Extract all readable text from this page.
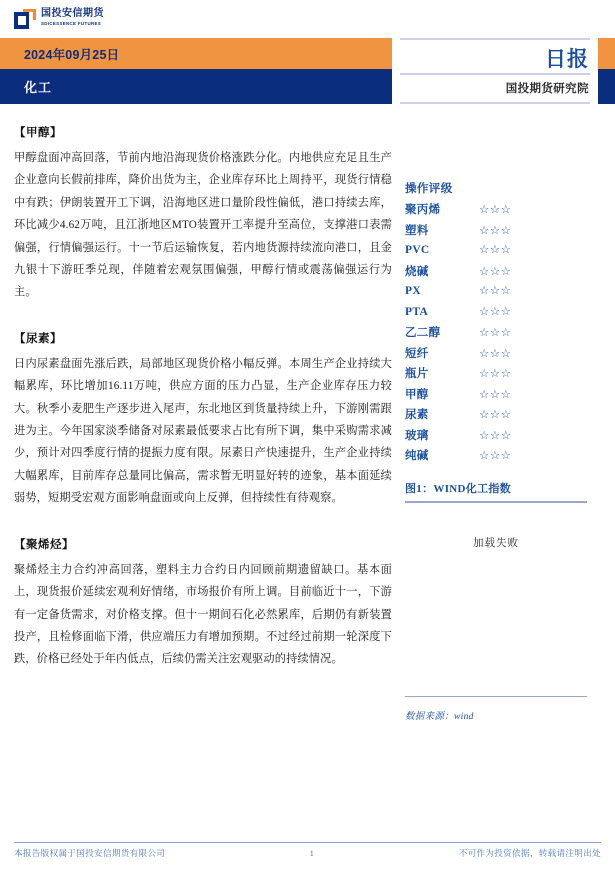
国投安信期货
SDICESSENCE FUTURES
2024年09月25日
化工
日报
国投期货研究院
【甲醇】

甲醇盘面冲高回落，节前内地沿海现货价格涨跌分化。内地供应充足且生产企业意向长假前排库，降价出货为主，企业库存环比上周持平，现货行情稳中有跌；伊朗装置开工下调，沿海地区进口量阶段性偏低，港口持续去库，环比减少4.62万吨，且江浙地区MTO装置开工率提升至高位，支撑港口表需偏强，行情偏强运行。十一节后运输恢复，若内地货源持续流向港口，且金九银十下游旺季兑现，伴随着宏观氛围偏强，甲醇行情或震荡偏强运行为主。

【尿素】

日内尿素盘面先涨后跌，局部地区现货价格小幅反弹。本周生产企业持续大幅累库，环比增加16.11万吨，供应方面的压力凸显，生产企业库存压力较大。秋季小麦肥生产逐步进入尾声，东北地区到货量持续上升，下游刚需跟进为主。今年国家淡季储备对尿素最低要求占比有所下调，集中采购需求减少，预计对四季度行情的提振力度有限。尿素日产快速提升，生产企业持续大幅累库，目前库存总量同比偏高，需求暂无明显好转的迹象，基本面延续弱势，短期受宏观方面影响盘面或向上反弹，但持续性有待观察。

【聚烯烃】

聚烯烃主力合约冲高回落，塑料主力合约日内回顾前期遗留缺口。基本面上，现货报价延续宏观利好情绪，市场报价有所上调。目前临近十一，下游有一定备货需求，对价格支撑。但十一期间石化必然累库，后期仍有新装置投产，且检修面临下滑，供应端压力有增加预期。不过经过前期一轮深度下跌，价格已经处于年内低点，后续仍需关注宏观驱动的持续情况。

操作评级
聚丙烯	☆☆☆
塑料	☆☆☆
PVC	☆☆☆
烧碱	☆☆☆
PX	☆☆☆
PTA	☆☆☆
乙二醇	☆☆☆
短纤	☆☆☆
瓶片	☆☆☆
甲醇	☆☆☆
尿素	☆☆☆
玻璃	☆☆☆
纯碱	☆☆☆
图1：WIND化工指数
加载失败
数据来源：wind
本报告版权属于国投安信期货有限公司	1	不可作为投资依据，转载请注明出处
